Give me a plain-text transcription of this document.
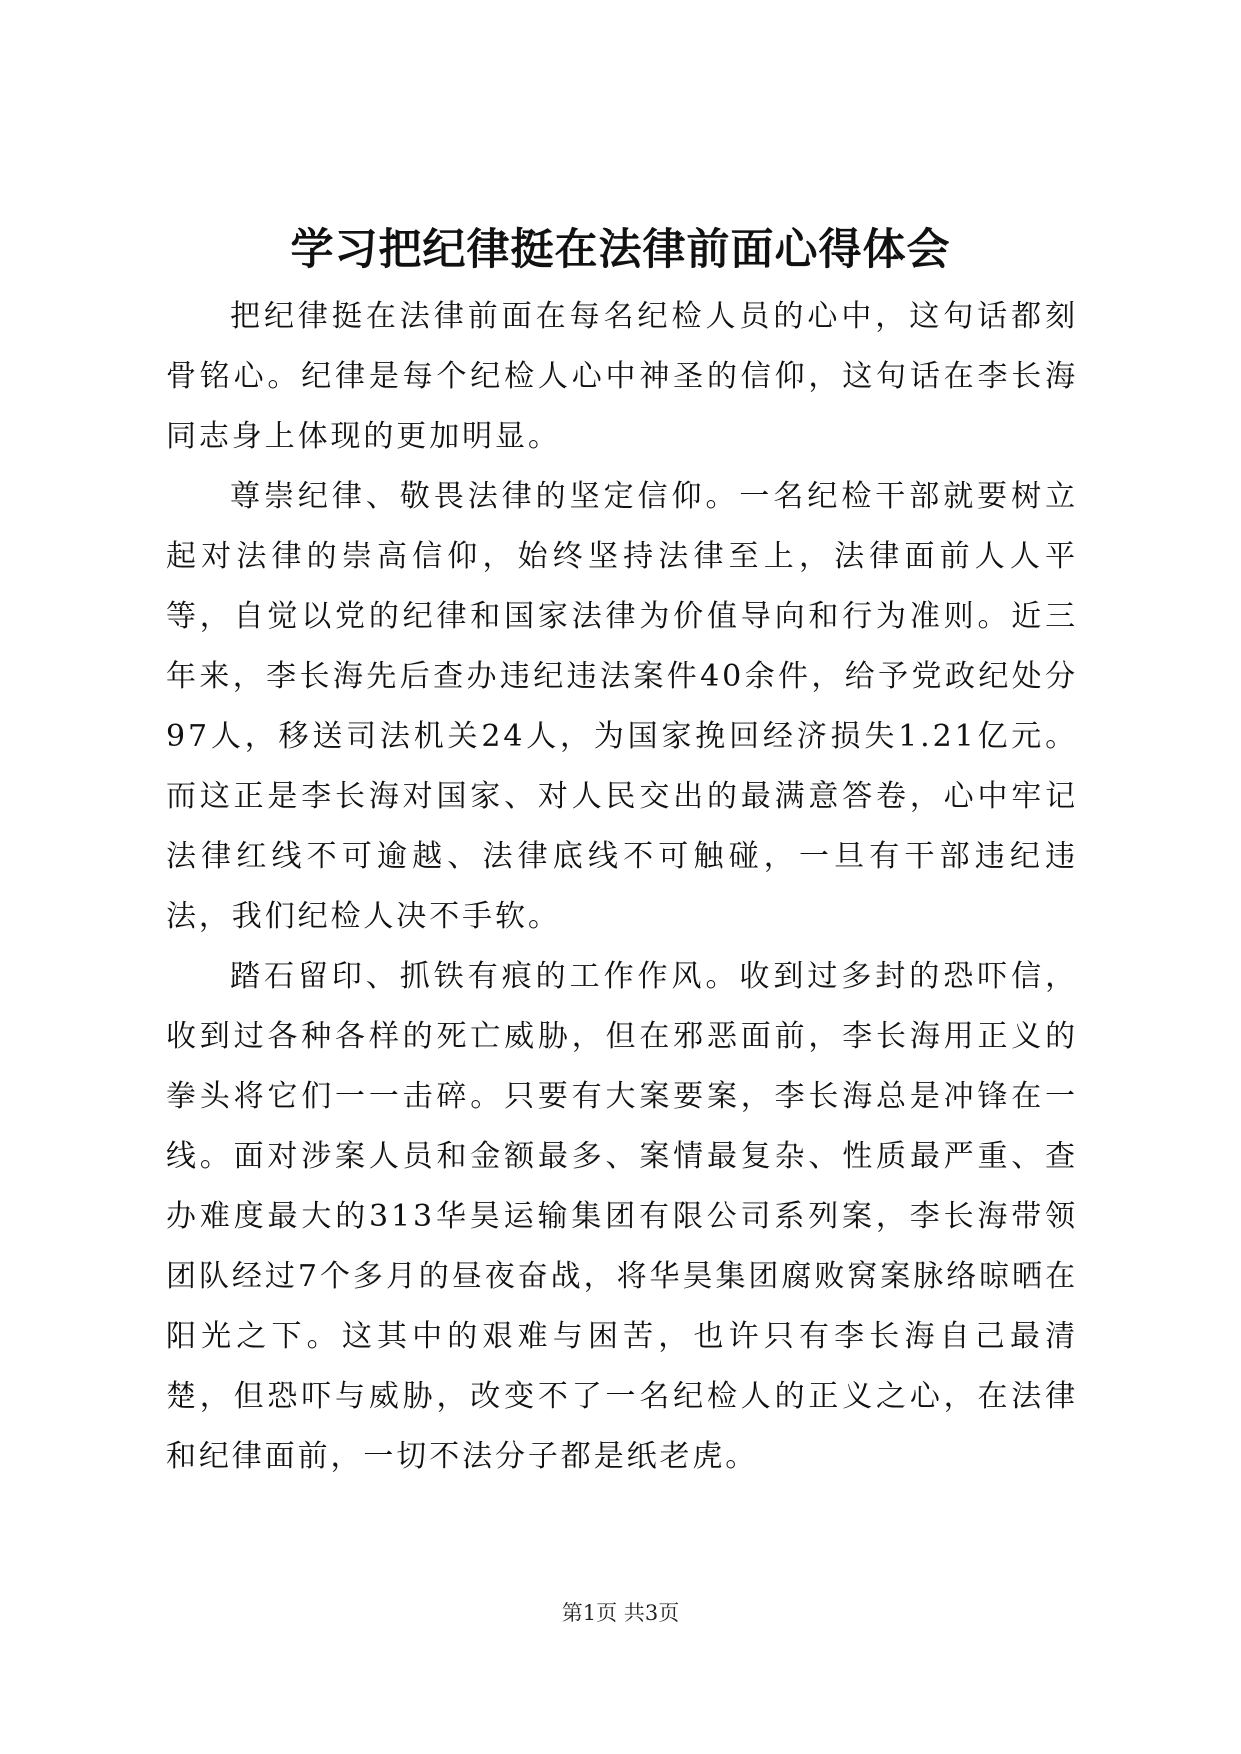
学习把纪律挺在法律前面心得体会

把纪律挺在法律前面在每名纪检人员的心中，这句话都刻骨铭心。纪律是每个纪检人心中神圣的信仰，这句话在李长海同志身上体现的更加明显。

尊崇纪律、敬畏法律的坚定信仰。一名纪检干部就要树立起对法律的崇高信仰，始终坚持法律至上，法律面前人人平等，自觉以党的纪律和国家法律为价值导向和行为准则。近三年来，李长海先后查办违纪违法案件40余件，给予党政纪处分97人，移送司法机关24人，为国家挽回经济损失1.21亿元。而这正是李长海对国家、对人民交出的最满意答卷，心中牢记法律红线不可逾越、法律底线不可触碰，一旦有干部违纪违法，我们纪检人决不手软。

踏石留印、抓铁有痕的工作作风。收到过多封的恐吓信，收到过各种各样的死亡威胁，但在邪恶面前，李长海用正义的拳头将它们一一击碎。只要有大案要案，李长海总是冲锋在一线。面对涉案人员和金额最多、案情最复杂、性质最严重、查办难度最大的313华昊运输集团有限公司系列案，李长海带领团队经过7个多月的昼夜奋战，将华昊集团腐败窝案脉络晾晒在阳光之下。这其中的艰难与困苦，也许只有李长海自己最清楚，但恐吓与威胁，改变不了一名纪检人的正义之心，在法律和纪律面前，一切不法分子都是纸老虎。

第1页 共3页
